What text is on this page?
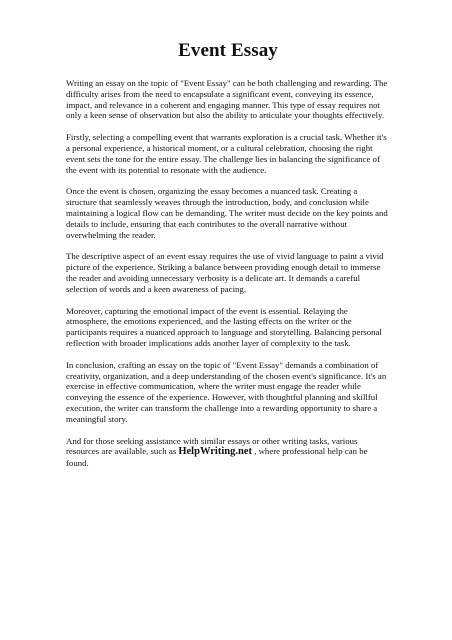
Event Essay

Writing an essay on the topic of "Event Essay" can be both challenging and rewarding. The difficulty arises from the need to encapsulate a significant event, conveying its essence, impact, and relevance in a coherent and engaging manner. This type of essay requires not only a keen sense of observation but also the ability to articulate your thoughts effectively.

Firstly, selecting a compelling event that warrants exploration is a crucial task. Whether it's a personal experience, a historical moment, or a cultural celebration, choosing the right event sets the tone for the entire essay. The challenge lies in balancing the significance of the event with its potential to resonate with the audience.

Once the event is chosen, organizing the essay becomes a nuanced task. Creating a structure that seamlessly weaves through the introduction, body, and conclusion while maintaining a logical flow can be demanding. The writer must decide on the key points and details to include, ensuring that each contributes to the overall narrative without overwhelming the reader.

The descriptive aspect of an event essay requires the use of vivid language to paint a vivid picture of the experience. Striking a balance between providing enough detail to immerse the reader and avoiding unnecessary verbosity is a delicate art. It demands a careful selection of words and a keen awareness of pacing.

Moreover, capturing the emotional impact of the event is essential. Relaying the atmosphere, the emotions experienced, and the lasting effects on the writer or the participants requires a nuanced approach to language and storytelling. Balancing personal reflection with broader implications adds another layer of complexity to the task.

In conclusion, crafting an essay on the topic of "Event Essay" demands a combination of creativity, organization, and a deep understanding of the chosen event's significance. It's an exercise in effective communication, where the writer must engage the reader while conveying the essence of the experience. However, with thoughtful planning and skillful execution, the writer can transform the challenge into a rewarding opportunity to share a meaningful story.

And for those seeking assistance with similar essays or other writing tasks, various resources are available, such as HelpWriting.net , where professional help can be found.
